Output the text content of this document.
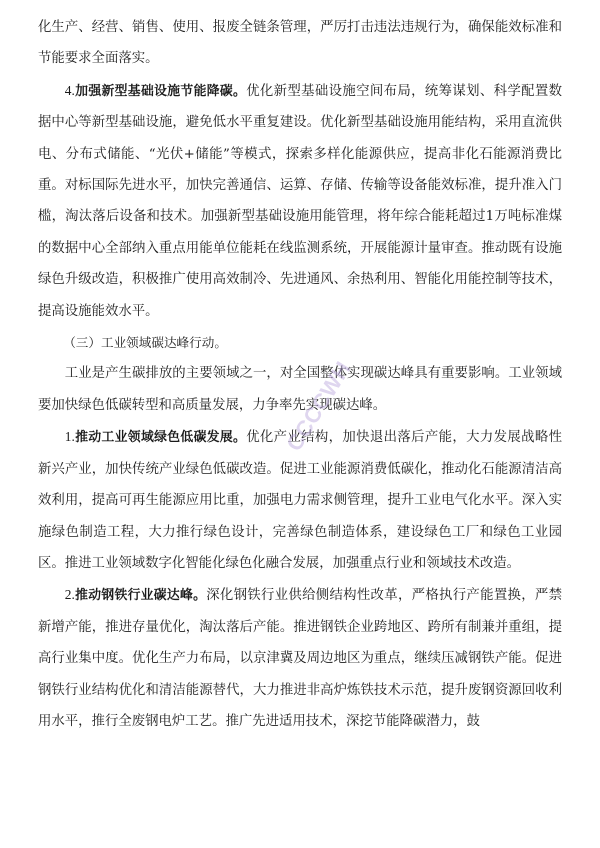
化生产、经营、销售、使用、报废全链条管理，严厉打击违法违规行为，确保能效标准和节能要求全面落实。

4.加强新型基础设施节能降碳。优化新型基础设施空间布局，统筹谋划、科学配置数据中心等新型基础设施，避免低水平重复建设。优化新型基础设施用能结构，采用直流供电、分布式储能、“光伏+储能”等模式，探索多样化能源供应，提高非化石能源消费比重。对标国际先进水平，加快完善通信、运算、存储、传输等设备能效标准，提升准入门槛，淘汰落后设备和技术。加强新型基础设施用能管理，将年综合能耗超过1万吨标准煤的数据中心全部纳入重点用能单位能耗在线监测系统，开展能源计量审查。推动既有设施绿色升级改造，积极推广使用高效制冷、先进通风、余热利用、智能化用能控制等技术，提高设施能效水平。

（三）工业领域碳达峰行动。

工业是产生碳排放的主要领域之一，对全国整体实现碳达峰具有重要影响。工业领域要加快绿色低碳转型和高质量发展，力争率先实现碳达峰。

1.推动工业领域绿色低碳发展。优化产业结构，加快退出落后产能，大力发展战略性新兴产业，加快传统产业绿色低碳改造。促进工业能源消费低碳化，推动化石能源清洁高效利用，提高可再生能源应用比重，加强电力需求侧管理，提升工业电气化水平。深入实施绿色制造工程，大力推行绿色设计，完善绿色制造体系，建设绿色工厂和绿色工业园区。推进工业领域数字化智能化绿色化融合发展，加强重点行业和领域技术改造。

2.推动钢铁行业碳达峰。深化钢铁行业供给侧结构性改革，严格执行产能置换，严禁新增产能，推进存量优化，淘汰落后产能。推进钢铁企业跨地区、跨所有制兼并重组，提高行业集中度。优化生产力布局，以京津冀及周边地区为重点，继续压减钢铁产能。促进钢铁行业结构优化和清洁能源替代，大力推进非高炉炼铁技术示范，提升废钢资源回收利用水平，推行全废钢电炉工艺。推广先进适用技术，深挖节能降碳潜力，鼓

CCCCWH
